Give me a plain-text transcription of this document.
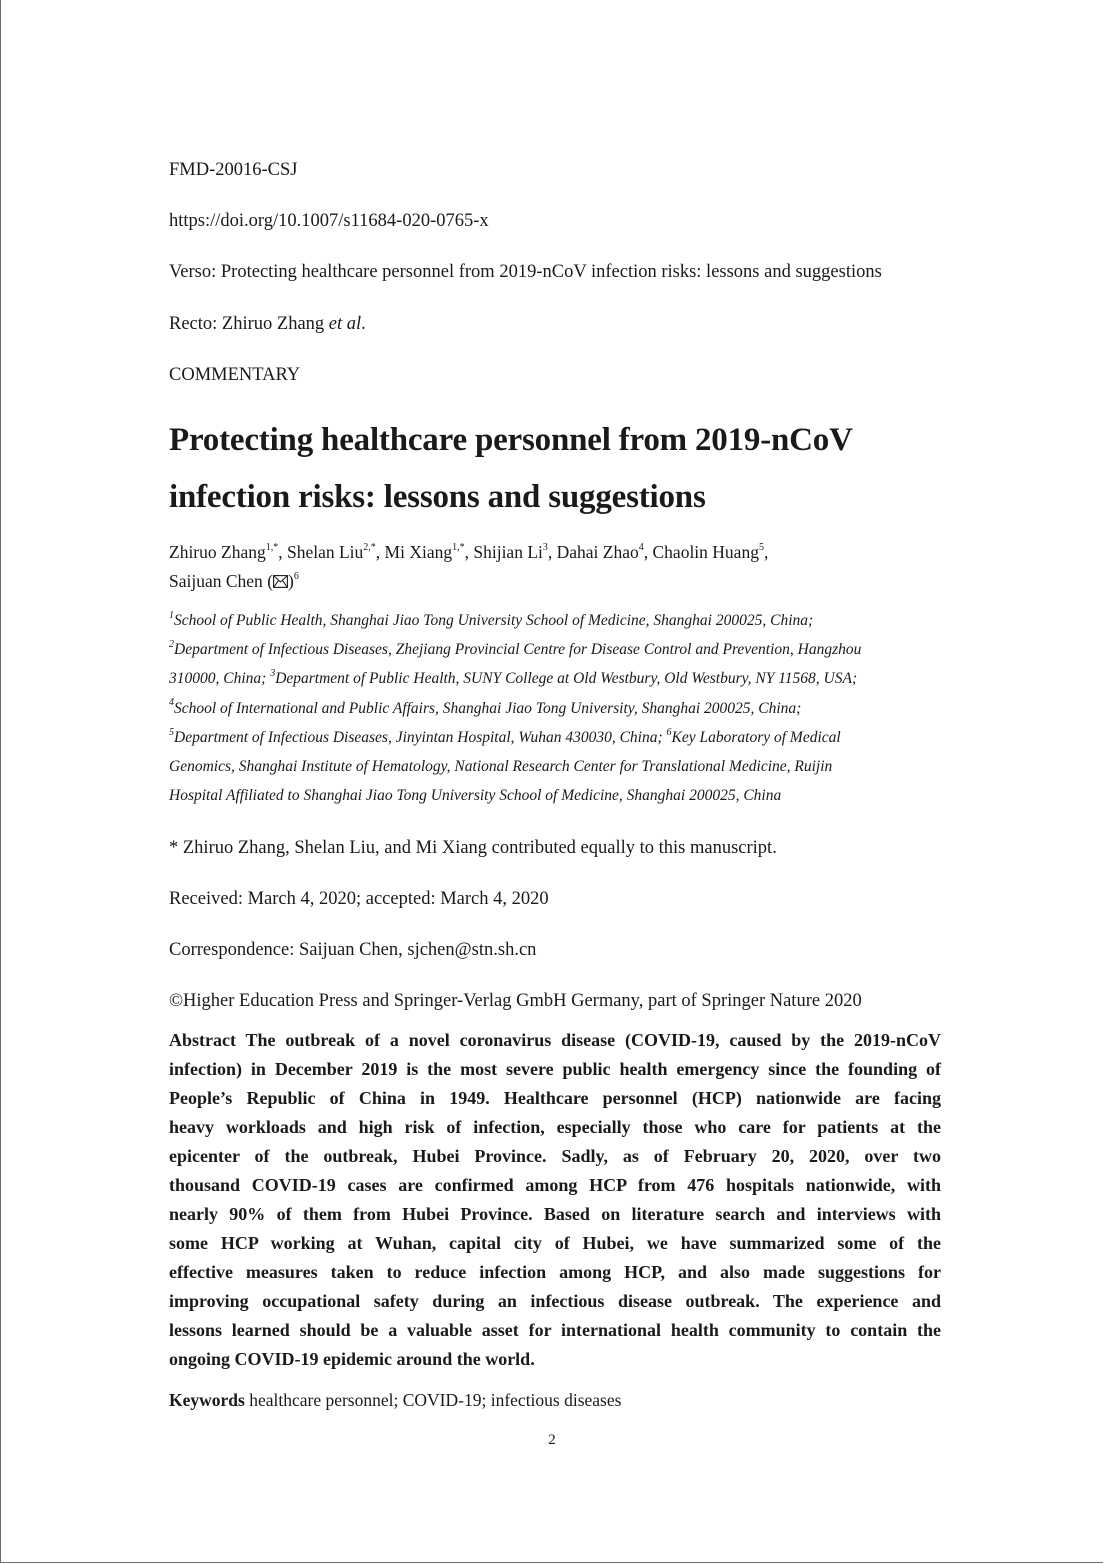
FMD-20016-CSJ

https://doi.org/10.1007/s11684-020-0765-x

Verso: Protecting healthcare personnel from 2019-nCoV infection risks: lessons and suggestions

Recto: Zhiruo Zhang et al.

COMMENTARY

Protecting healthcare personnel from 2019-nCoV
infection risks: lessons and suggestions
Zhiruo Zhang$^{1,*}$, Shelan Liu$^{2,*}$, Mi Xiang$^{1,*}$, Shijian Li$^3$, Dahai Zhao$^4$, Chaolin Huang$^5$,
Saijuan Chen ( )$^6$
$^1$School of Public Health, Shanghai Jiao Tong University School of Medicine, Shanghai 200025, China;
$^2$Department of Infectious Diseases, Zhejiang Provincial Centre for Disease Control and Prevention, Hangzhou
310000, China; $^3$Department of Public Health, SUNY College at Old Westbury, Old Westbury, NY 11568, USA;
$^4$School of International and Public Affairs, Shanghai Jiao Tong University, Shanghai 200025, China;
$^5$Department of Infectious Diseases, Jinyintan Hospital, Wuhan 430030, China; $^6$Key Laboratory of Medical
Genomics, Shanghai Institute of Hematology, National Research Center for Translational Medicine, Ruijin
Hospital Affiliated to Shanghai Jiao Tong University School of Medicine, Shanghai 200025, China

* Zhiruo Zhang, Shelan Liu, and Mi Xiang contributed equally to this manuscript.

Received: March 4, 2020; accepted: March 4, 2020

Correspondence: Saijuan Chen, sjchen@stn.sh.cn

©Higher Education Press and Springer-Verlag GmbH Germany, part of Springer Nature 2020

Abstract The outbreak of a novel coronavirus disease (COVID-19, caused by the 2019-nCoV
infection) in December 2019 is the most severe public health emergency since the founding of
People’s Republic of China in 1949. Healthcare personnel (HCP) nationwide are facing
heavy workloads and high risk of infection, especially those who care for patients at the
epicenter of the outbreak, Hubei Province. Sadly, as of February 20, 2020, over two
thousand COVID-19 cases are confirmed among HCP from 476 hospitals nationwide, with
nearly 90% of them from Hubei Province. Based on literature search and interviews with
some HCP working at Wuhan, capital city of Hubei, we have summarized some of the
effective measures taken to reduce infection among HCP, and also made suggestions for
improving occupational safety during an infectious disease outbreak. The experience and
lessons learned should be a valuable asset for international health community to contain the
ongoing COVID-19 epidemic around the world.

Keywords healthcare personnel; COVID-19; infectious diseases

2
